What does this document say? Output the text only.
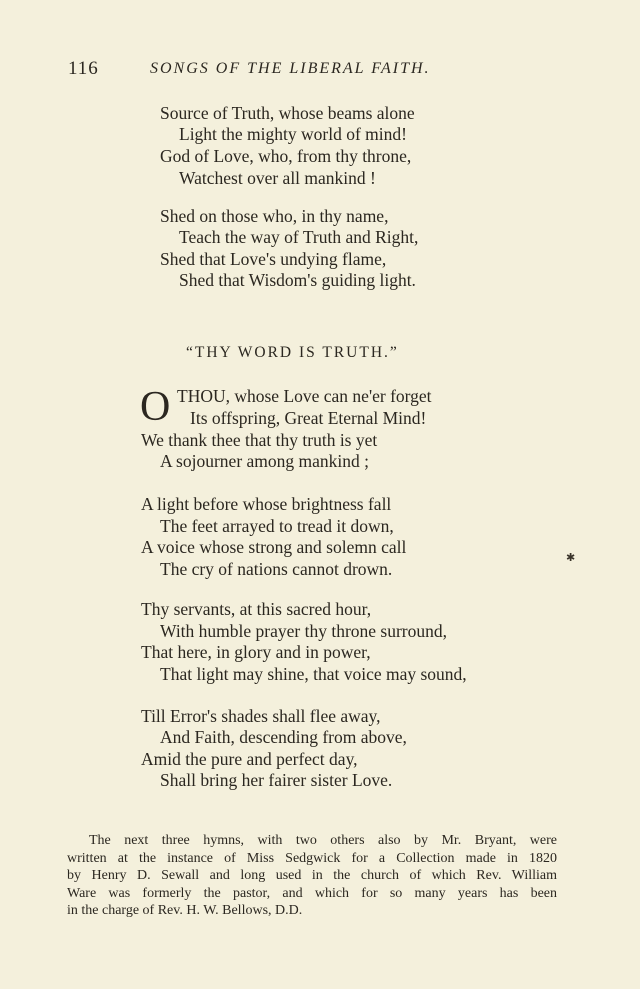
116	SONGS OF THE LIBERAL FAITH.
Source of Truth, whose beams alone
Light the mighty world of mind!
God of Love, who, from thy throne,
Watchest over all mankind !
Shed on those who, in thy name,
Teach the way of Truth and Right,
Shed that Love's undying flame,
Shed that Wisdom's guiding light.
“THY WORD IS TRUTH.”
O THOU, whose Love can ne'er forget
Its offspring, Great Eternal Mind!
We thank thee that thy truth is yet
A sojourner among mankind ;
A light before whose brightness fall
The feet arrayed to tread it down,
A voice whose strong and solemn call
The cry of nations cannot drown.
Thy servants, at this sacred hour,
With humble prayer thy throne surround,
That here, in glory and in power,
That light may shine, that voice may sound,
Till Error's shades shall flee away,
And Faith, descending from above,
Amid the pure and perfect day,
Shall bring her fairer sister Love.
✱
The next three hymns, with two others also by Mr. Bryant, were
written at the instance of Miss Sedgwick for a Collection made in 1820
by Henry D. Sewall and long used in the church of which Rev. William
Ware was formerly the pastor, and which for so many years has been
in the charge of Rev. H. W. Bellows, D.D.
